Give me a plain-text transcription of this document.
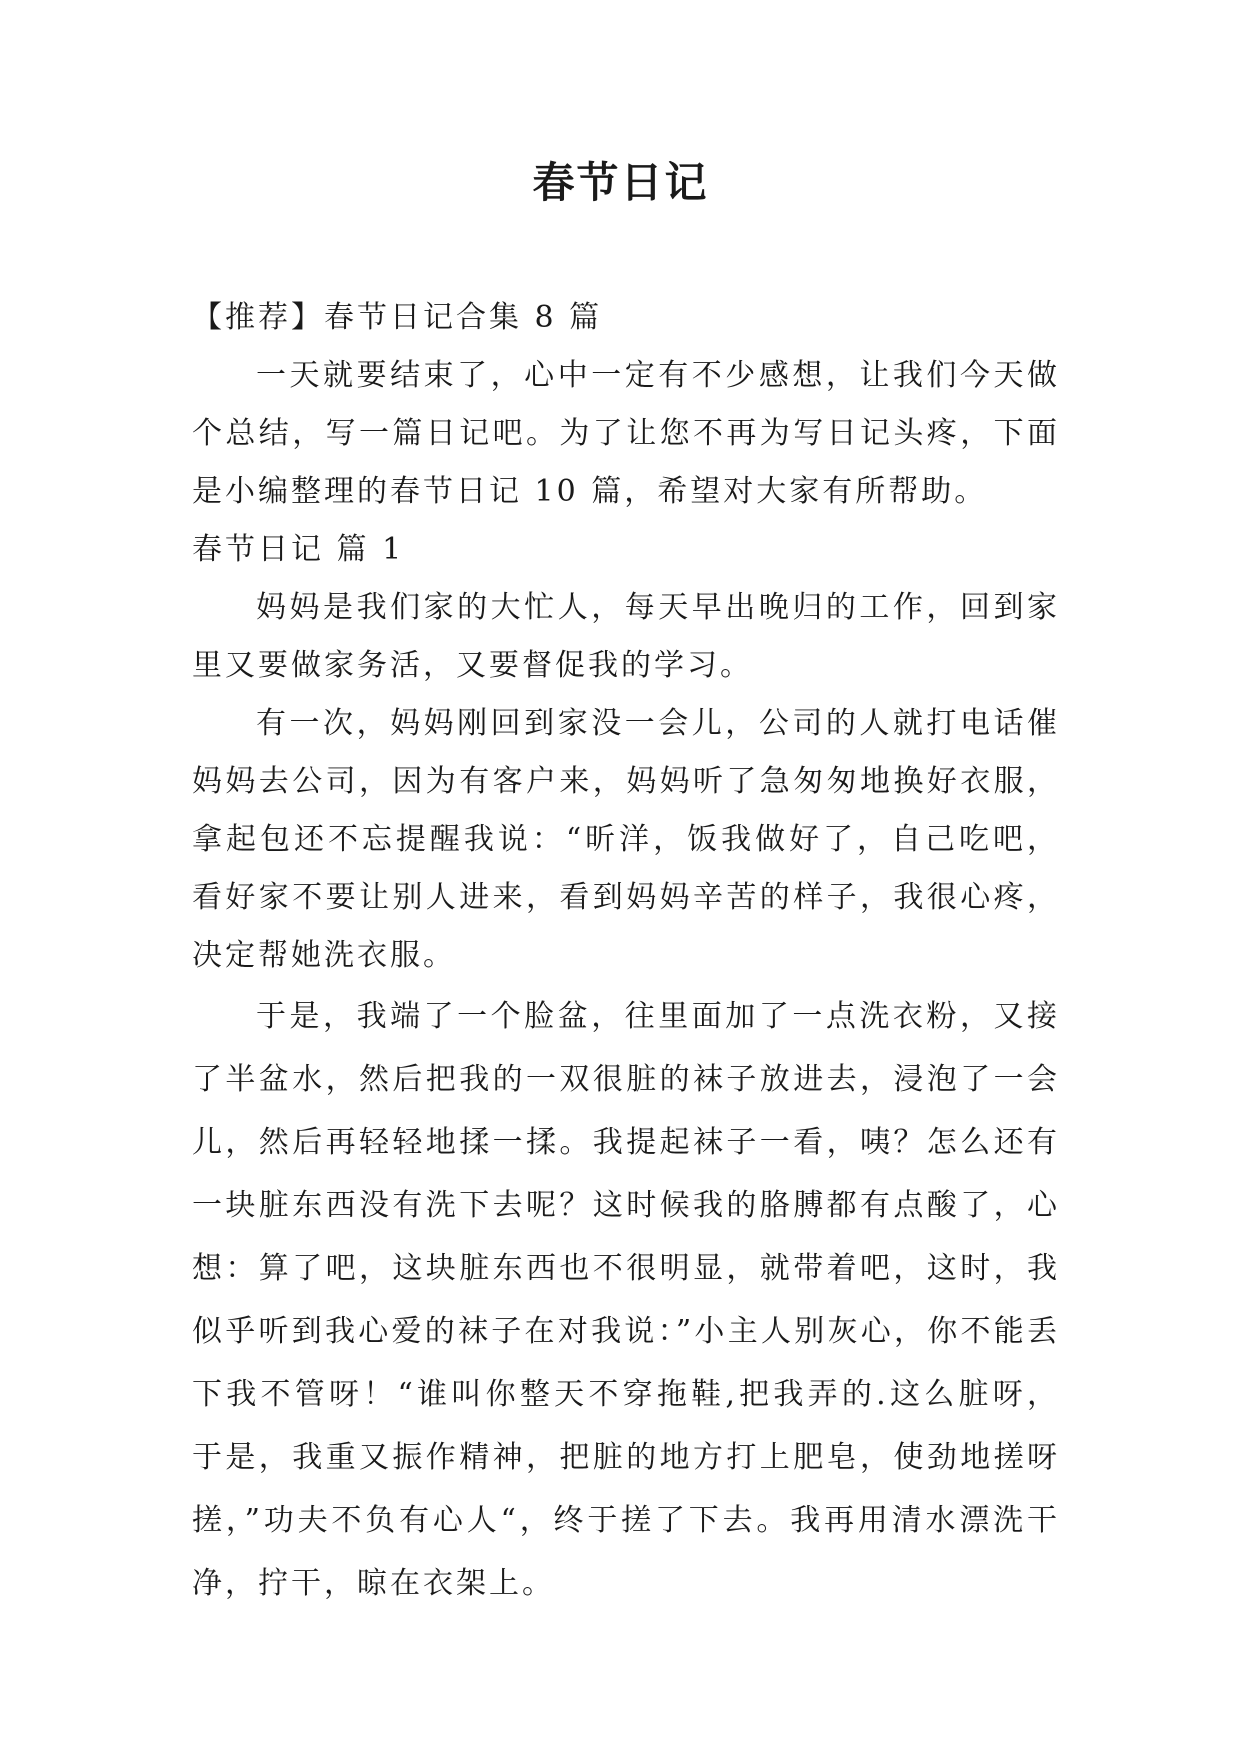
春节日记

【推荐】春节日记合集 8 篇

一天就要结束了，心中一定有不少感想，让我们今天做个总结，写一篇日记吧。为了让您不再为写日记头疼，下面是小编整理的春节日记 10 篇，希望对大家有所帮助。

春节日记 篇 1

妈妈是我们家的大忙人，每天早出晚归的工作，回到家里又要做家务活，又要督促我的学习。

有一次，妈妈刚回到家没一会儿，公司的人就打电话催妈妈去公司，因为有客户来，妈妈听了急匆匆地换好衣服，拿起包还不忘提醒我说：“昕洋，饭我做好了，自己吃吧，看好家不要让别人进来，看到妈妈辛苦的样子，我很心疼，决定帮她洗衣服。

于是，我端了一个脸盆，往里面加了一点洗衣粉，又接了半盆水，然后把我的一双很脏的袜子放进去，浸泡了一会儿，然后再轻轻地揉一揉。我提起袜子一看，咦？怎么还有一块脏东西没有洗下去呢？这时候我的胳膊都有点酸了，心想：算了吧，这块脏东西也不很明显，就带着吧，这时，我似乎听到我心爱的袜子在对我说：”小主人别灰心，你不能丢下我不管呀！“谁叫你整天不穿拖鞋,把我弄的.这么脏呀，于是，我重又振作精神，把脏的地方打上肥皂，使劲地搓呀搓，”功夫不负有心人“，终于搓了下去。我再用清水漂洗干净，拧干，晾在衣架上。
